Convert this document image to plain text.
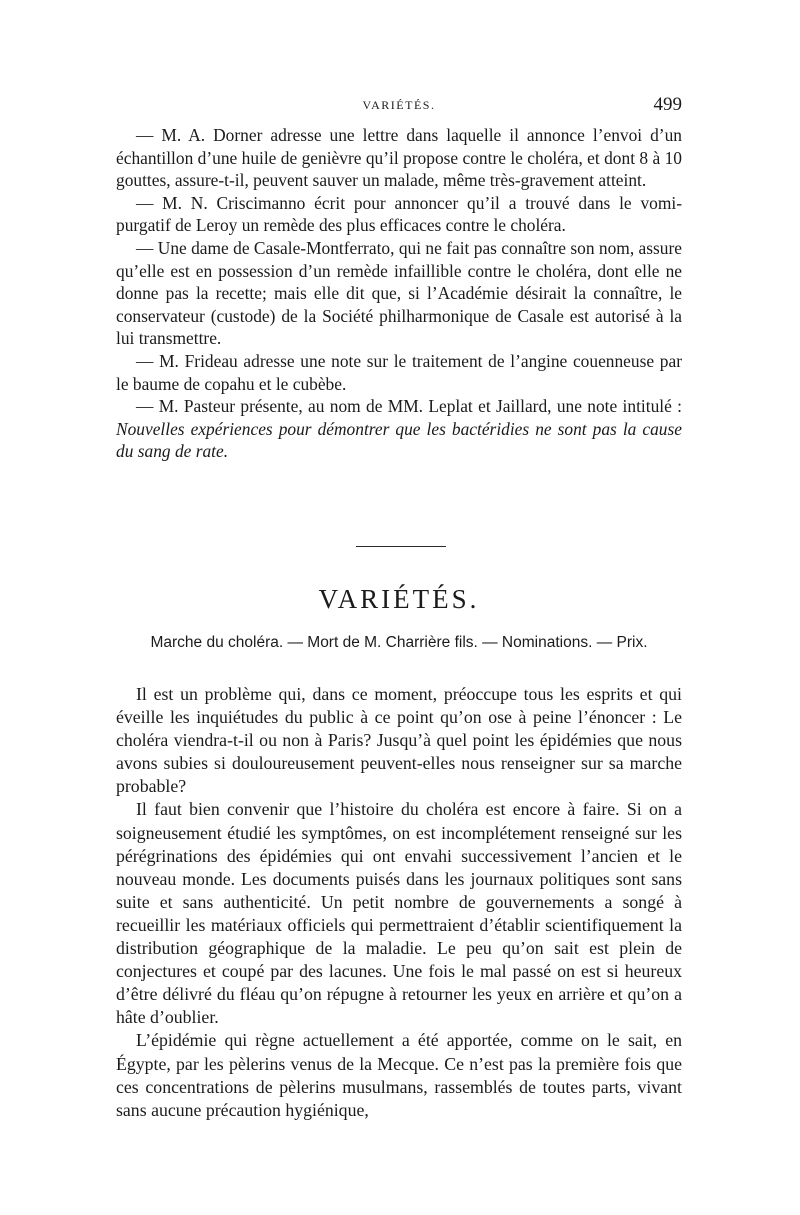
VARIÉTÉS.	499

— M. A. Dorner adresse une lettre dans laquelle il annonce l’envoi d’un échantillon d’une huile de genièvre qu’il propose contre le choléra, et dont 8 à 10 gouttes, assure-t-il, peuvent sauver un malade, même très-gravement atteint.

— M. N. Criscimanno écrit pour annoncer qu’il a trouvé dans le vomi-purgatif de Leroy un remède des plus efficaces contre le choléra.

— Une dame de Casale-Montferrato, qui ne fait pas connaître son nom, assure qu’elle est en possession d’un remède infaillible contre le choléra, dont elle ne donne pas la recette; mais elle dit que, si l’Académie désirait la connaître, le conservateur (custode) de la Société philharmonique de Casale est autorisé à la lui transmettre.

— M. Frideau adresse une note sur le traitement de l’angine couenneuse par le baume de copahu et le cubèbe.

— M. Pasteur présente, au nom de MM. Leplat et Jaillard, une note intitulé : Nouvelles expériences pour démontrer que les bactéridies ne sont pas la cause du sang de rate.

VARIÉTÉS.
Marche du choléra. — Mort de M. Charrière fils. — Nominations. — Prix.

Il est un problème qui, dans ce moment, préoccupe tous les esprits et qui éveille les inquiétudes du public à ce point qu’on ose à peine l’énoncer : Le choléra viendra-t-il ou non à Paris? Jusqu’à quel point les épidémies que nous avons subies si douloureusement peuvent-elles nous renseigner sur sa marche probable?

Il faut bien convenir que l’histoire du choléra est encore à faire. Si on a soigneusement étudié les symptômes, on est incomplétement renseigné sur les pérégrinations des épidémies qui ont envahi successivement l’ancien et le nouveau monde. Les documents puisés dans les journaux politiques sont sans suite et sans authenticité. Un petit nombre de gouvernements a songé à recueillir les matériaux officiels qui permettraient d’établir scientifiquement la distribution géographique de la maladie. Le peu qu’on sait est plein de conjectures et coupé par des lacunes. Une fois le mal passé on est si heureux d’être délivré du fléau qu’on répugne à retourner les yeux en arrière et qu’on a hâte d’oublier.

L’épidémie qui règne actuellement a été apportée, comme on le sait, en Égypte, par les pèlerins venus de la Mecque. Ce n’est pas la première fois que ces concentrations de pèlerins musulmans, rassemblés de toutes parts, vivant sans aucune précaution hygiénique,
